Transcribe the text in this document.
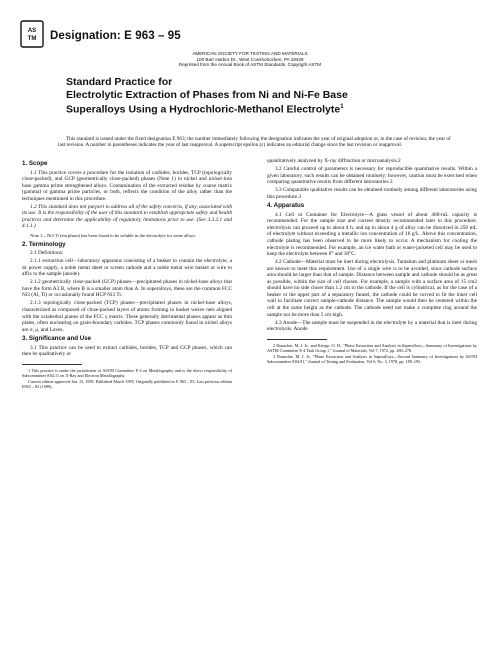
AS
TM Designation: E 963 – 95
AMERICAN SOCIETY FOR TESTING AND MATERIALS
100 Barr Harbor Dr., West Conshohocken, PA 19428
Reprinted from the Annual Book of ASTM Standards. Copyright ASTM
Standard Practice for
Electrolytic Extraction of Phases from Ni and Ni-Fe Base
Superalloys Using a Hydrochloric-Methanol Electrolyte$^1$
This standard is issued under the fixed designation E 963; the number immediately following the designation indicates the year of original adoption or, in the case of revision, the year of last revision. A number in parentheses indicates the year of last reapproval. A superscript epsilon (ε) indicates an editorial change since the last revision or reapproval.
1. Scope
1.1 This practice covers a procedure for the isolation of carbides, borides, TCP (topologically close-packed), and GCP (geometrically close-packed) phases (Note 1) in nickel and nickel-iron base gamma prime strengthened alloys. Contamination of the extracted residue by coarse matrix (gamma) or gamma prime particles, or both, reflects the condition of the alloy rather than the techniques mentioned in this procedure.
1.2 This standard does not purport to address all of the safety concerns, if any, associated with its use. It is the responsibility of the user of this standard to establish appropriate safety and health practices and determine the applicability of regulatory limitations prior to use. (See 3.3.2.1 and 4.1.1.)
Note 1—Ni3 Ti (eta phase) has been found to be soluble in the electrolyte for some alloys.
2. Terminology
2.1 Definitions:
2.1.1 extraction cell—laboratory apparatus consisting of a beaker to contain the electrolyte, a dc power supply, a noble metal sheet or screen cathode and a noble metal wire basket or wire to affix to the sample (anode).
2.1.2 geometrically close-packed (GCP) phases—precipitated phases in nickel-base alloys that have the form A3 B, where B is a smaller atom than A. In superalloys, these are the common FCC Ni3 (Al, Ti) or occasionally found HCP Ni3 Ti.
2.1.3 topologically close-packed (TCP) phases—precipitated phases in nickel-base alloys, characterized as composed of close-packed layers of atoms forming in basket weave nets aligned with the octahedral planes of the FCC γ matrix. These generally detrimental phases appear as thin plates, often nucleating on grain-boundary carbides. TCP phases commonly found in nickel alloys are σ, μ, and Laves.
3. Significance and Use
3.1 This practice can be used to extract carbides, borides, TCP and GCP phases, which can then be qualitatively or
1 This practice is under the jurisdiction of ASTM Committee E-4 on Metallography and is the direct responsibility of Subcommittee E04.11 on X-Ray and Electron Metallography.
Current edition approved Jan. 15, 1995. Published March 1995. Originally published as E 963 – 83. Last previous edition E963 – 83 (1989).
quantitatively analyzed by X-ray diffraction or microanalysis.2
3.2 Careful control of parameters is necessary for reproducible quantitative results. Within a given laboratory, such results can be obtained routinely; however, caution must be exercised when comparing quantitative results from different laboratories.3
3.3 Comparable qualitative results can be obtained routinely among different laboratories using this procedure.3
4. Apparatus
4.1 Cell or Container for Electrolyte—A glass vessel of about 400-mL capacity is recommended. For the sample size and current density recommended later in this procedure, electrolysis can proceed up to about 4 h, and up to about 4 g of alloy can be dissolved in 250 mL of electrolyte without exceeding a metallic ion concentration of 16 g/L. Above this concentration, cathode plating has been observed to be more likely to occur. A mechanism for cooling the electrolyte is recommended. For example, an ice water bath or water-jacketed cell may be used to keep the electrolyte between 0° and 30°C.
4.2 Cathode—Material must be inert during electrolysis. Tantalum and platinum sheet or mesh are known to meet this requirement. Use of a single wire is to be avoided, since cathode surface area should be larger than that of sample. Distance between sample and cathode should be as great as possible, within the size of cell chosen. For example, a sample with a surface area of 15 cm2 should have no side closer than 1.2 cm to the cathode. If the cell is cylindrical, as for the case of a beaker or the upper part of a separatory funnel, the cathode could be curved to fit the inner cell wall to facilitate correct sample-cathode distance. The sample would then be centered within the cell at the same height as the cathode. The cathode need not make a complete ring around the sample nor be more than 5 cm high.
4.3 Anode—The sample must be suspended in the electrolyte by a material that is inert during electrolysis. Anode
2 Donachie, M. J. Jr., and Kriege, O. H., "Phase Extraction and Analysis in Superalloys—Summary of Investigations by ASTM Committee E-4 Task Group 1," Journal of Materials, Vol 7, 1972, pp. 269–278.
3 Donachie, M. J. Jr., "Phase Extraction and Analysis in Superalloys—Second Summary of Investigations by ASTM Subcommittee E04.91," Journal of Testing and Evaluation, Vol 6, No. 3, 1978, pp. 189–195.
